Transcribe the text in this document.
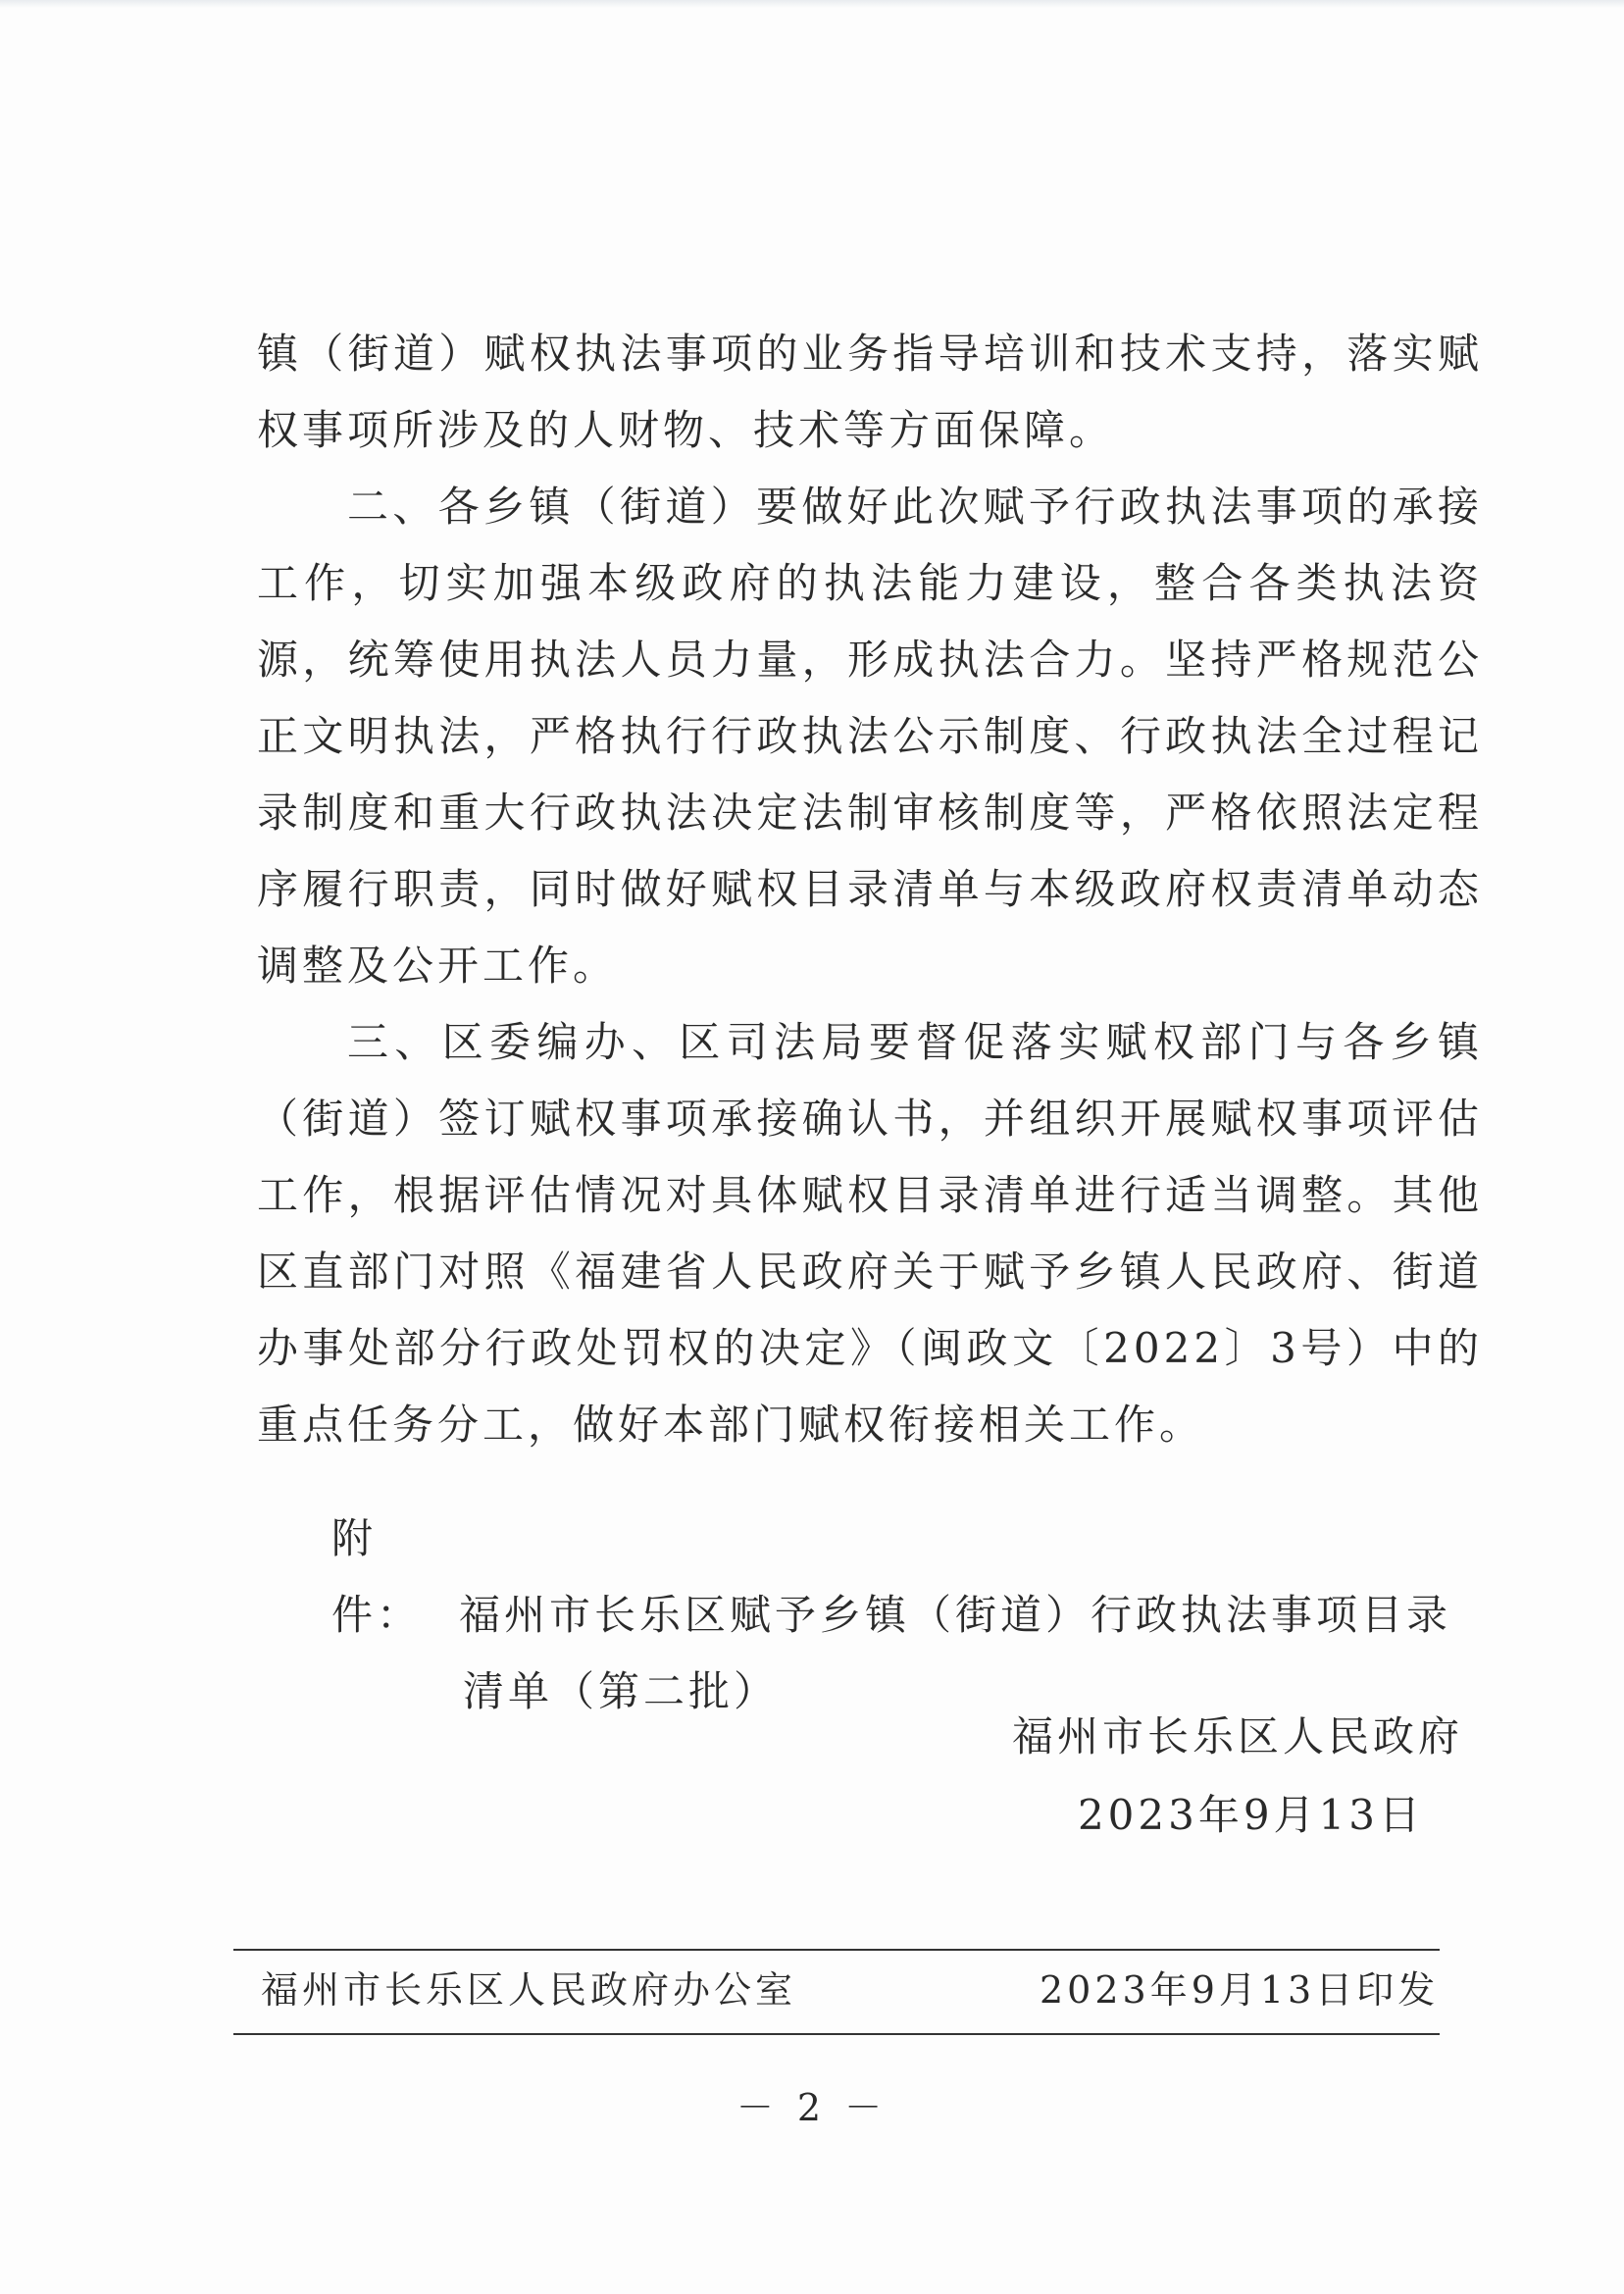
镇（街道）赋权执法事项的业务指导培训和技术支持，落实赋权事项所涉及的人财物、技术等方面保障。

二、各乡镇（街道）要做好此次赋予行政执法事项的承接工作，切实加强本级政府的执法能力建设，整合各类执法资源，统筹使用执法人员力量，形成执法合力。坚持严格规范公正文明执法，严格执行行政执法公示制度、行政执法全过程记录制度和重大行政执法决定法制审核制度等，严格依照法定程序履行职责，同时做好赋权目录清单与本级政府权责清单动态调整及公开工作。

三、区委编办、区司法局要督促落实赋权部门与各乡镇（街道）签订赋权事项承接确认书，并组织开展赋权事项评估工作，根据评估情况对具体赋权目录清单进行适当调整。其他区直部门对照《福建省人民政府关于赋予乡镇人民政府、街道办事处部分行政处罚权的决定》（闽政文〔2022〕3号）中的重点任务分工，做好本部门赋权衔接相关工作。

附件： 福州市长乐区赋予乡镇（街道）行政执法事项目录
清单（第二批）
福州市长乐区人民政府
2023年9月13日
福州市长乐区人民政府办公室	2023年9月13日印发
－ 2 －
